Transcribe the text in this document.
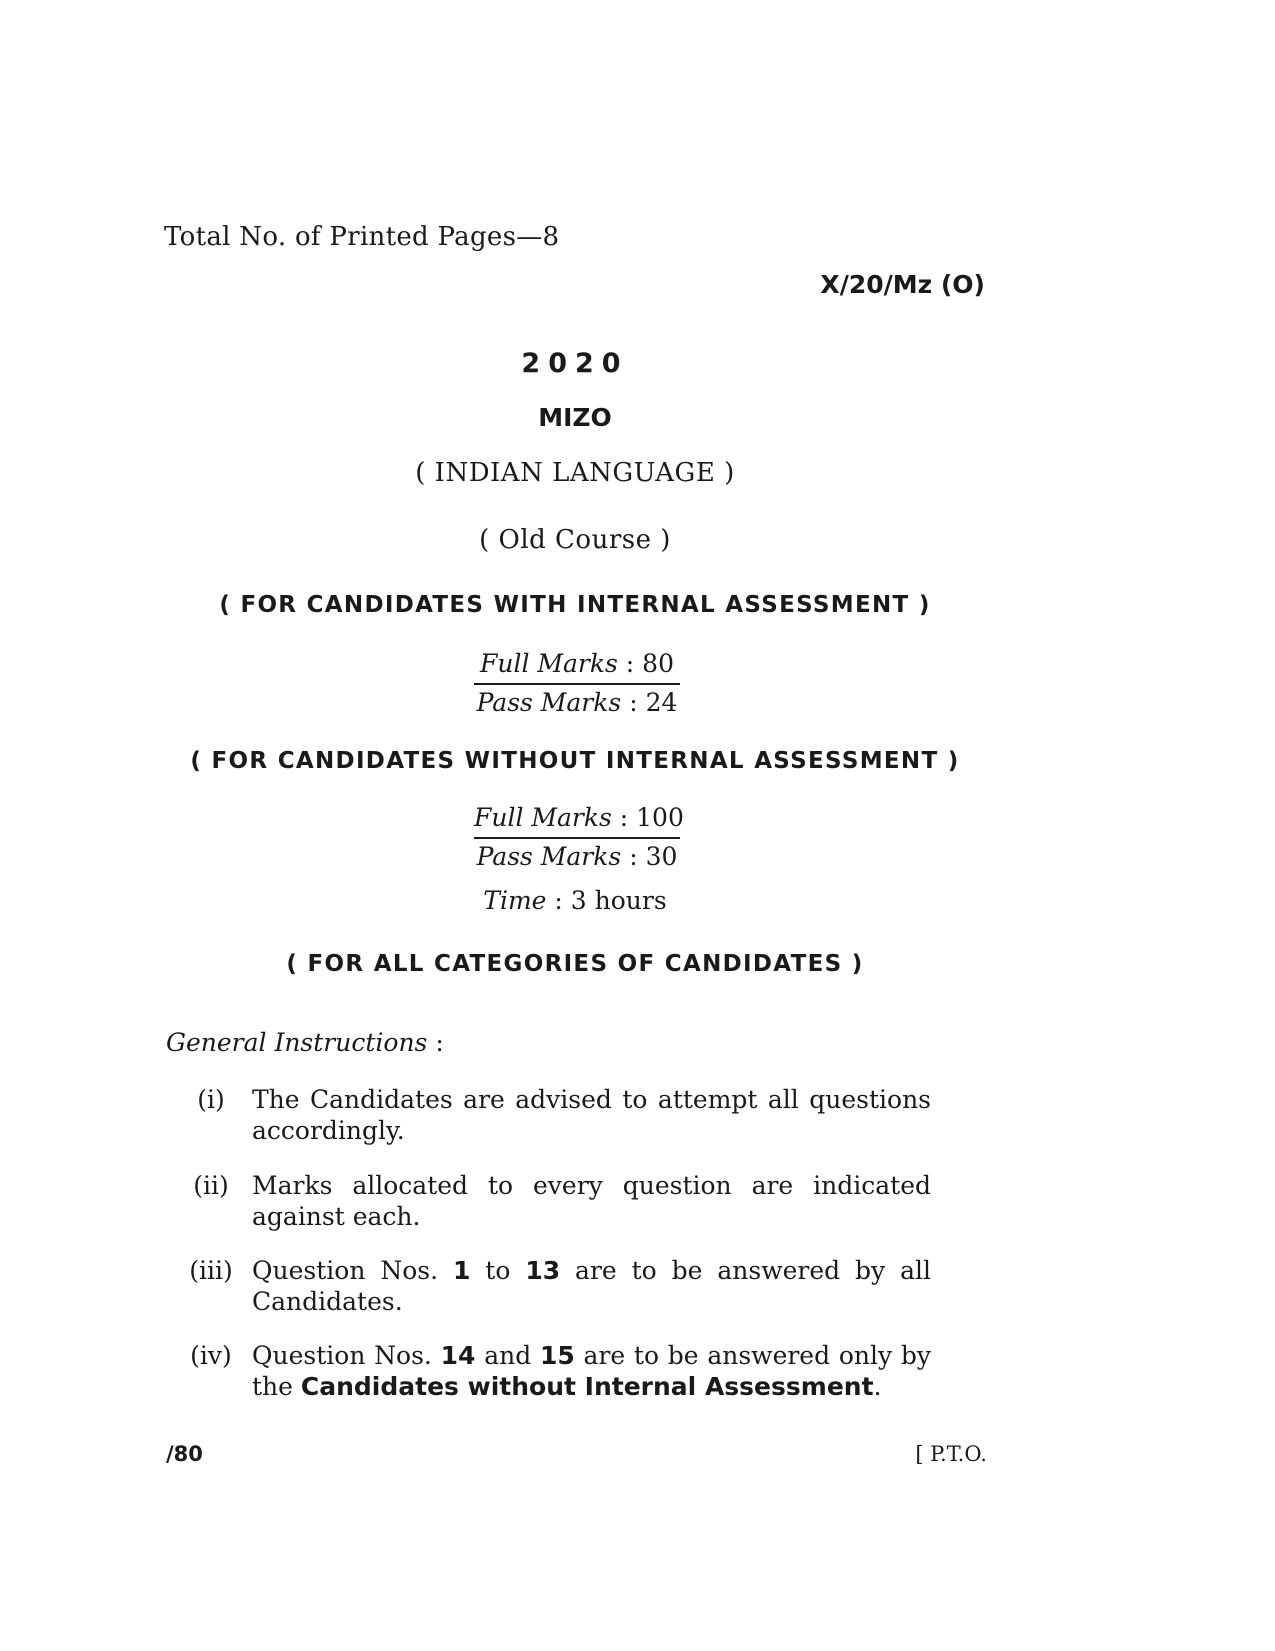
Total No. of Printed Pages—8
X/20/Mz (O)
2020
MIZO
( INDIAN LANGUAGE )
( Old Course )
( FOR CANDIDATES WITH INTERNAL ASSESSMENT )
Full Marks : 80
Pass Marks : 24
( FOR CANDIDATES WITHOUT INTERNAL ASSESSMENT )
Full Marks : 100
Pass Marks : 30
Time : 3 hours
( FOR ALL CATEGORIES OF CANDIDATES )
General Instructions :
(i)	The Candidates are advised to attempt all questions accordingly.
(ii) Marks allocated to every question are indicated against each.
(iii) Question Nos. 1 to 13 are to be answered by all Candidates.
(iv) Question Nos. 14 and 15 are to be answered only by the Candidates without Internal Assessment.
/80	[ P.T.O.
